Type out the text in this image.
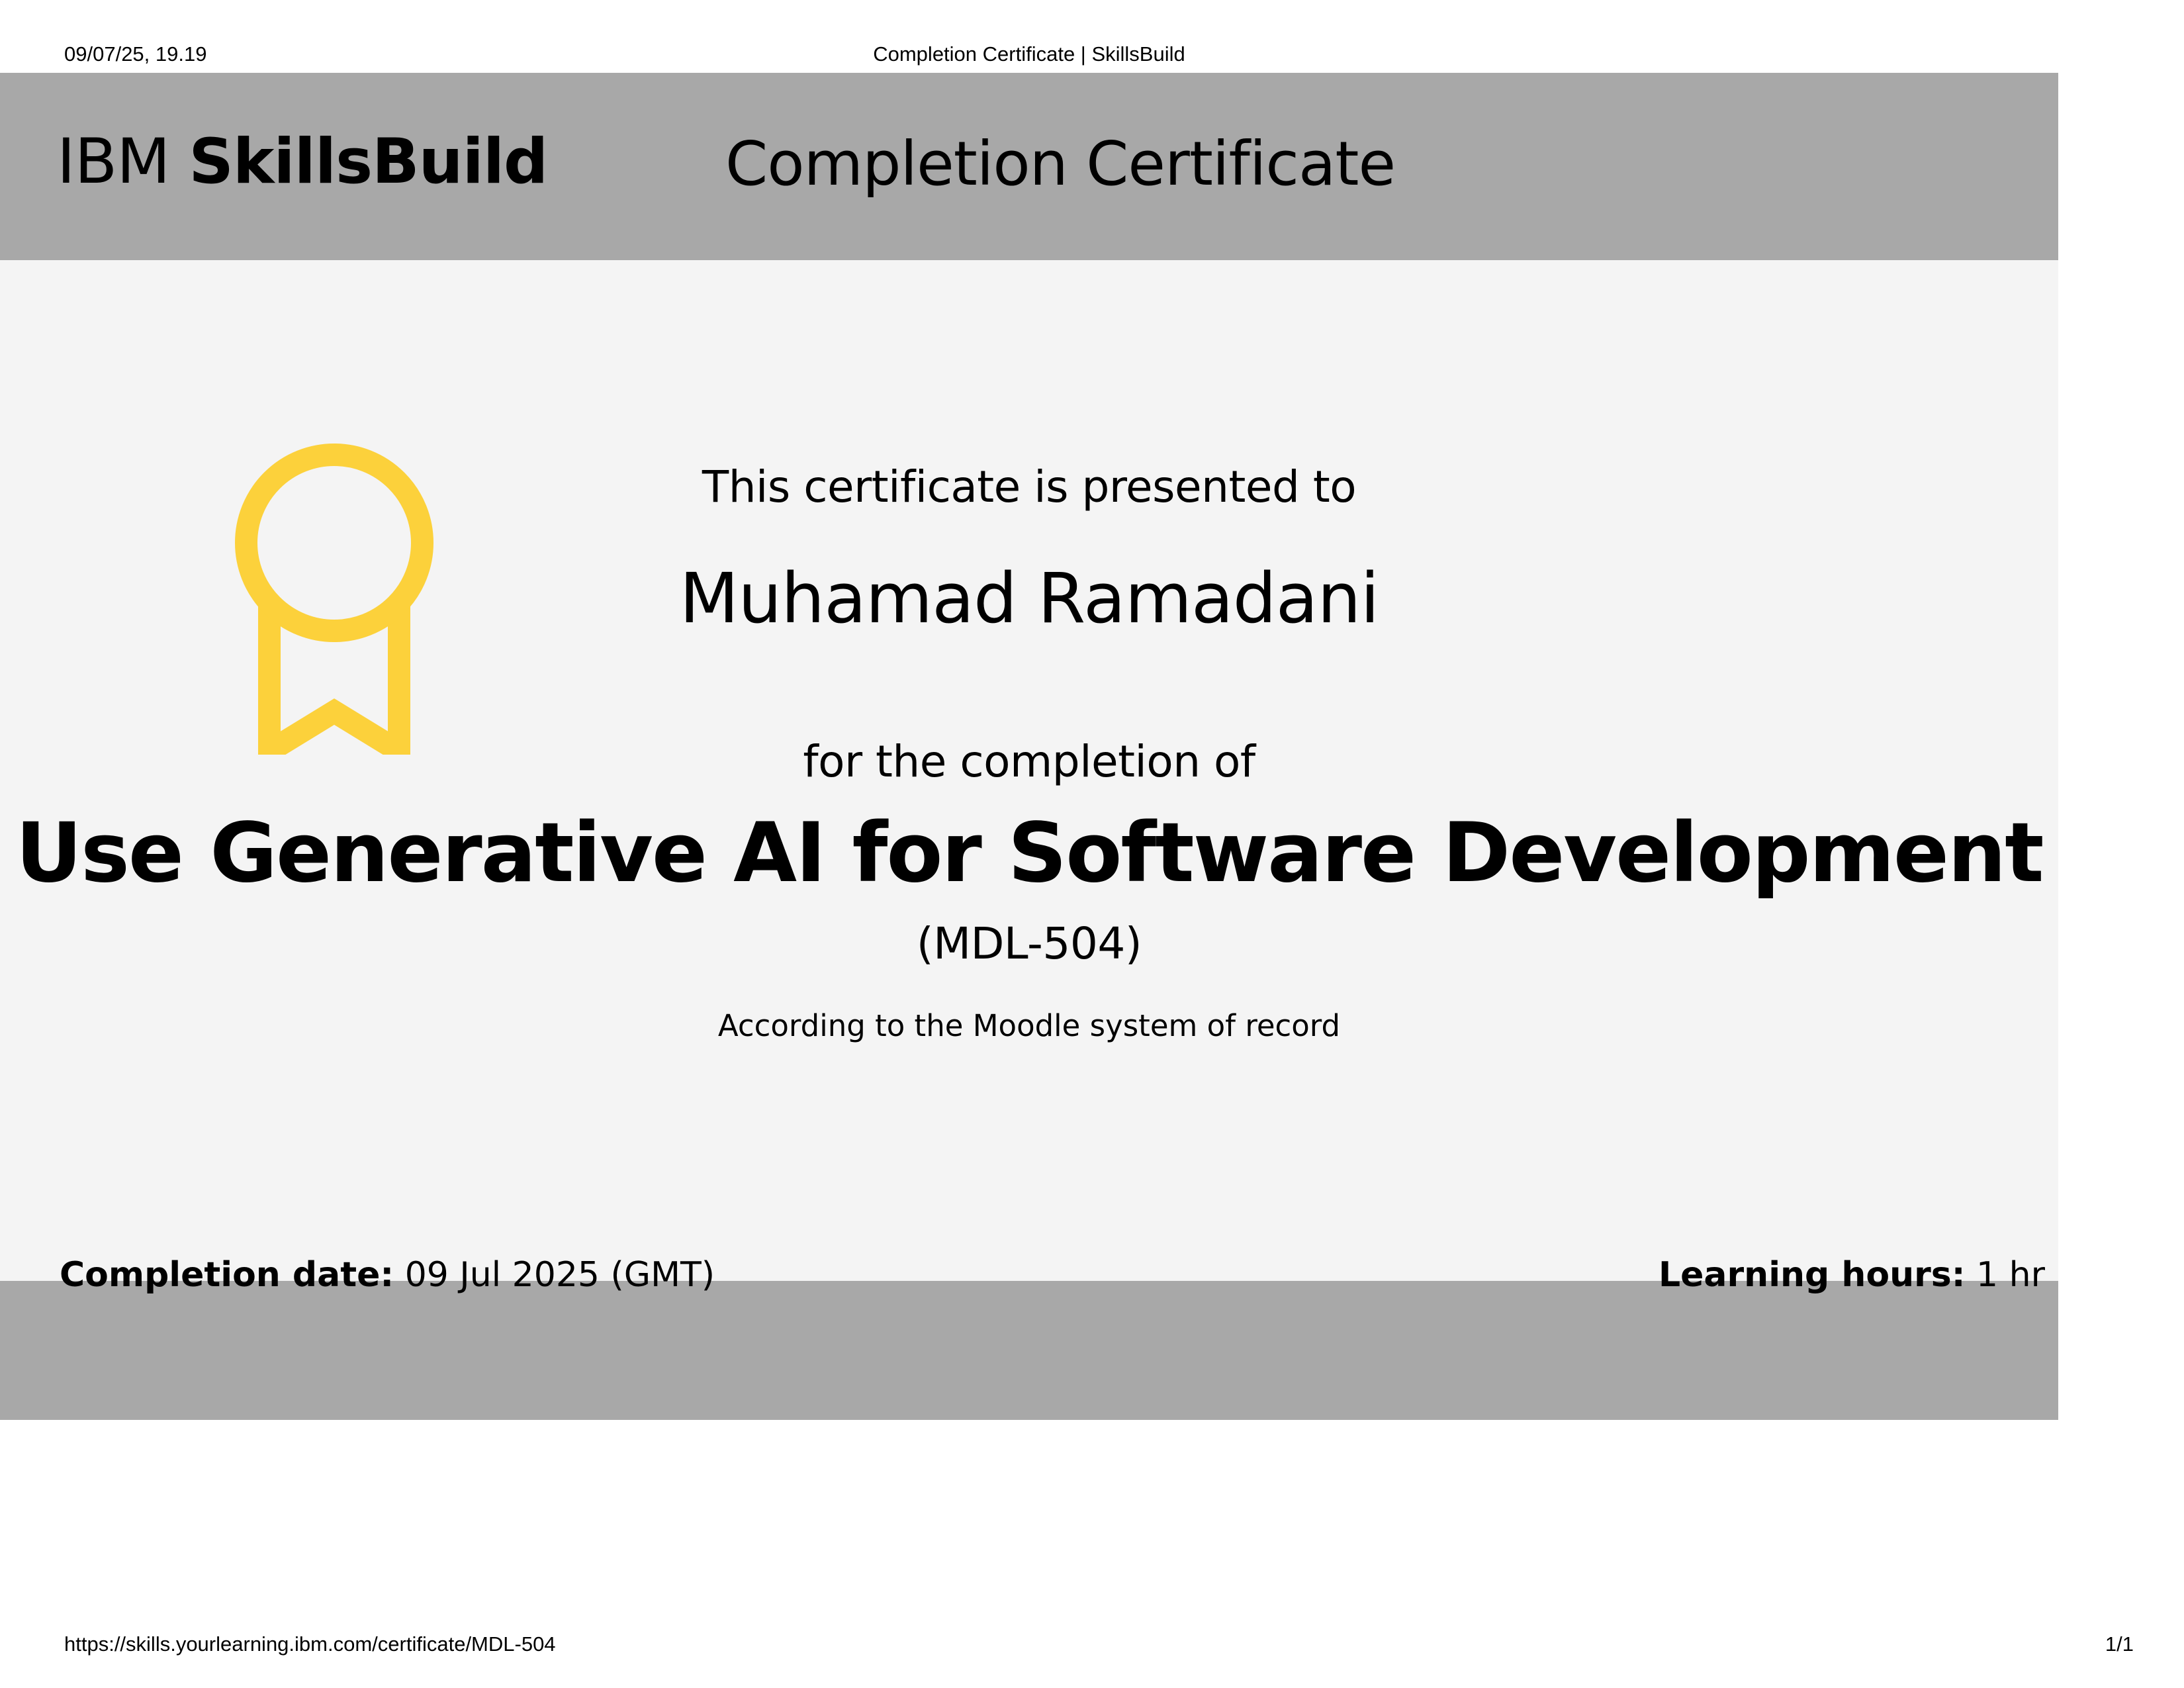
09/07/25, 19.19	Completion Certificate | SkillsBuild
IBM SkillsBuild	Completion Certificate
This certificate is presented to
Muhamad Ramadani
for the completion of
Use Generative AI for Software Development
(MDL-504)
According to the Moodle system of record
Completion date: 09 Jul 2025 (GMT)	Learning hours: 1 hr
https://skills.yourlearning.ibm.com/certificate/MDL-504	1/1
